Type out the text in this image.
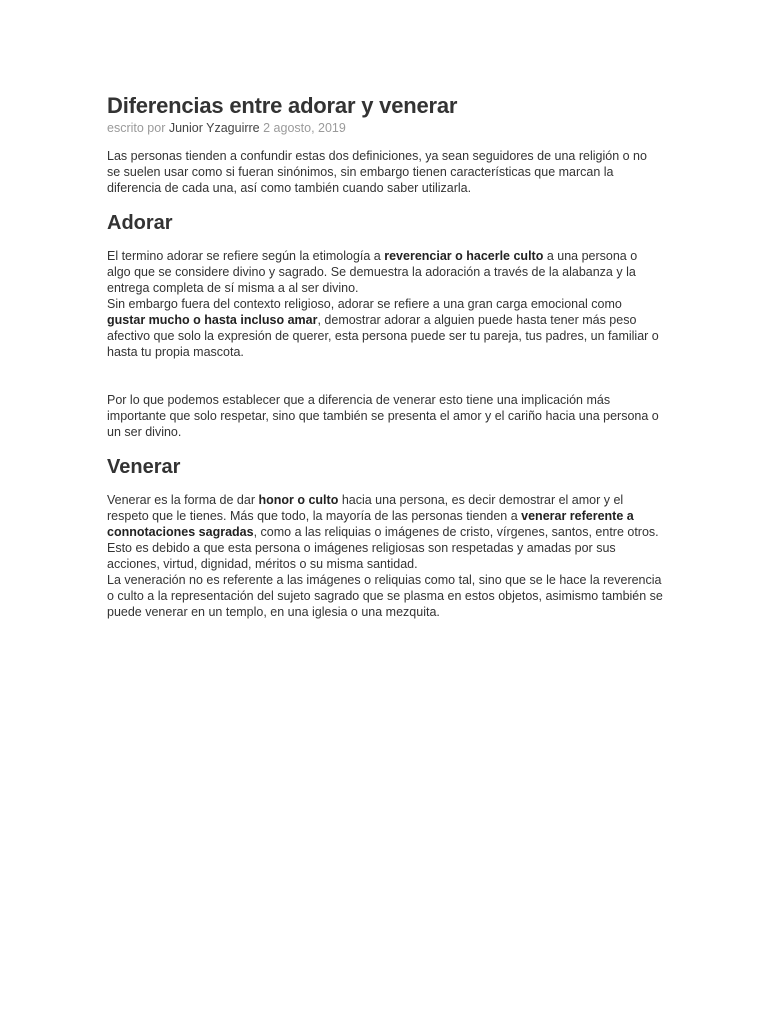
Diferencias entre adorar y venerar
escrito por Junior Yzaguirre 2 agosto, 2019

Las personas tienden a confundir estas dos definiciones, ya sean seguidores de una religión o no se suelen usar como si fueran sinónimos, sin embargo tienen características que marcan la diferencia de cada una, así como también cuando saber utilizarla.

Adorar

El termino adorar se refiere según la etimología a reverenciar o hacerle culto a una persona o algo que se considere divino y sagrado. Se demuestra la adoración a través de la alabanza y la entrega completa de sí misma a al ser divino.

Sin embargo fuera del contexto religioso, adorar se refiere a una gran carga emocional como gustar mucho o hasta incluso amar, demostrar adorar a alguien puede hasta tener más peso afectivo que solo la expresión de querer, esta persona puede ser tu pareja, tus padres, un familiar o hasta tu propia mascota.

Por lo que podemos establecer que a diferencia de venerar esto tiene una implicación más importante que solo respetar, sino que también se presenta el amor y el cariño hacia una persona o un ser divino.

Venerar

Venerar es la forma de dar honor o culto hacia una persona, es decir demostrar el amor y el respeto que le tienes. Más que todo, la mayoría de las personas tienden a venerar referente a connotaciones sagradas, como a las reliquias o imágenes de cristo, vírgenes, santos, entre otros. Esto es debido a que esta persona o imágenes religiosas son respetadas y amadas por sus acciones, virtud, dignidad, méritos o su misma santidad.

La veneración no es referente a las imágenes o reliquias como tal, sino que se le hace la reverencia o culto a la representación del sujeto sagrado que se plasma en estos objetos, asimismo también se puede venerar en un templo, en una iglesia o una mezquita.
